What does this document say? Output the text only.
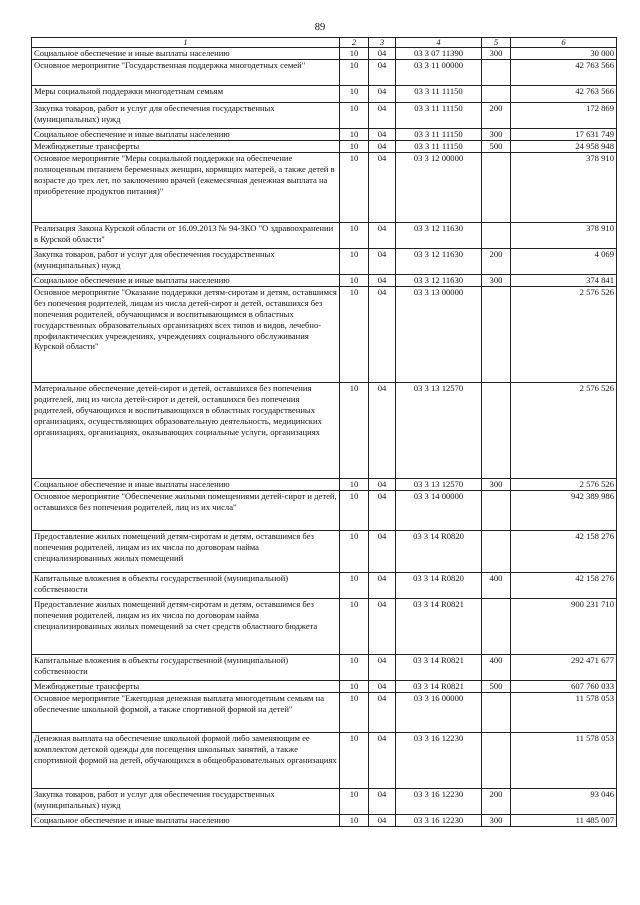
89
1	2	3	4	5	6
Социальное обеспечение и иные выплаты населению	10	04	03 3 07 11390	300	30 000
Основное мероприятие "Государственная поддержка многодетных семей"	10	04	03 3 11 00000		42 763 566
Меры социальной поддержки многодетным семьям	10	04	03 3 11 11150		42 763 566
Закупка товаров, работ и услуг для обеспечения государственных (муниципальных) нужд	10	04	03 3 11 11150	200	172 869
Социальное обеспечение и иные выплаты населению	10	04	03 3 11 11150	300	17 631 749
Межбюджетные трансферты	10	04	03 3 11 11150	500	24 958 948
Основное мероприятие "Меры социальной поддержки на обеспечение полноценным питанием беременных женщин, кормящих матерей, а также детей в возрасте до трех лет, по заключению врачей (ежемесячная денежная выплата на приобретение продуктов питания)"	10	04	03 3 12 00000		378 910
Реализация Закона Курской области от 16.09.2013 № 94-ЗКО "О здравоохранении в Курской области"	10	04	03 3 12 11630		378 910
Закупка товаров, работ и услуг для обеспечения государственных (муниципальных) нужд	10	04	03 3 12 11630	200	4 069
Социальное обеспечение и иные выплаты населению	10	04	03 3 12 11630	300	374 841
Основное мероприятие "Оказание поддержки детям-сиротам и детям, оставшимся без попечения родителей, лицам из числа детей-сирот и детей, оставшихся без попечения родителей, обучающимся и воспитывающимся в областных государственных образовательных организациях всех типов и видов, лечебно-профилактических учреждениях, учреждениях социального обслуживания Курской области"	10	04	03 3 13 00000		2 576 526
Материальное обеспечение детей-сирот и детей, оставшихся без попечения родителей, лиц из числа детей-сирот и детей, оставшихся без попечения родителей, обучающихся и воспитывающихся в областных государственных организациях, осуществляющих образовательную деятельность, медицинских организациях, организациях, оказывающих социальные услуги, организациях	10	04	03 3 13 12570		2 576 526
Социальное обеспечение и иные выплаты населению	10	04	03 3 13 12570	300	2 576 526
Основное мероприятие "Обеспечение жилыми помещениями детей-сирот и детей, оставшихся без попечения родителей, лиц из их числа"	10	04	03 3 14 00000		942 389 986
Предоставление жилых помещений детям-сиротам и детям, оставшимся без попечения родителей, лицам из их числа по договорам найма специализированных жилых помещений	10	04	03 3 14 R0820		42 158 276
Капитальные вложения в объекты государственной (муниципальной) собственности	10	04	03 3 14 R0820	400	42 158 276
Предоставление жилых помещений детям-сиротам и детям, оставшимся без попечения родителей, лицам из их числа по договорам найма специализированных жилых помещений за счет средств областного бюджета	10	04	03 3 14 R0821		900 231 710
Капитальные вложения в объекты государственной (муниципальной) собственности	10	04	03 3 14 R0821	400	292 471 677
Межбюджетные трансферты	10	04	03 3 14 R0821	500	607 760 033
Основное мероприятие "Ежегодная денежная выплата многодетным семьям на обеспечение школьной формой, а также спортивной формой на детей"	10	04	03 3 16 00000		11 578 053
Денежная выплата на обеспечение школьной формой либо заменяющим ее комплектом детской одежды для посещения школьных занятий, а также спортивной формой на детей, обучающихся в общеобразовательных организациях	10	04	03 3 16 12230		11 578 053
Закупка товаров, работ и услуг для обеспечения государственных (муниципальных) нужд	10	04	03 3 16 12230	200	93 046
Социальное обеспечение и иные выплаты населению	10	04	03 3 16 12230	300	11 485 007
